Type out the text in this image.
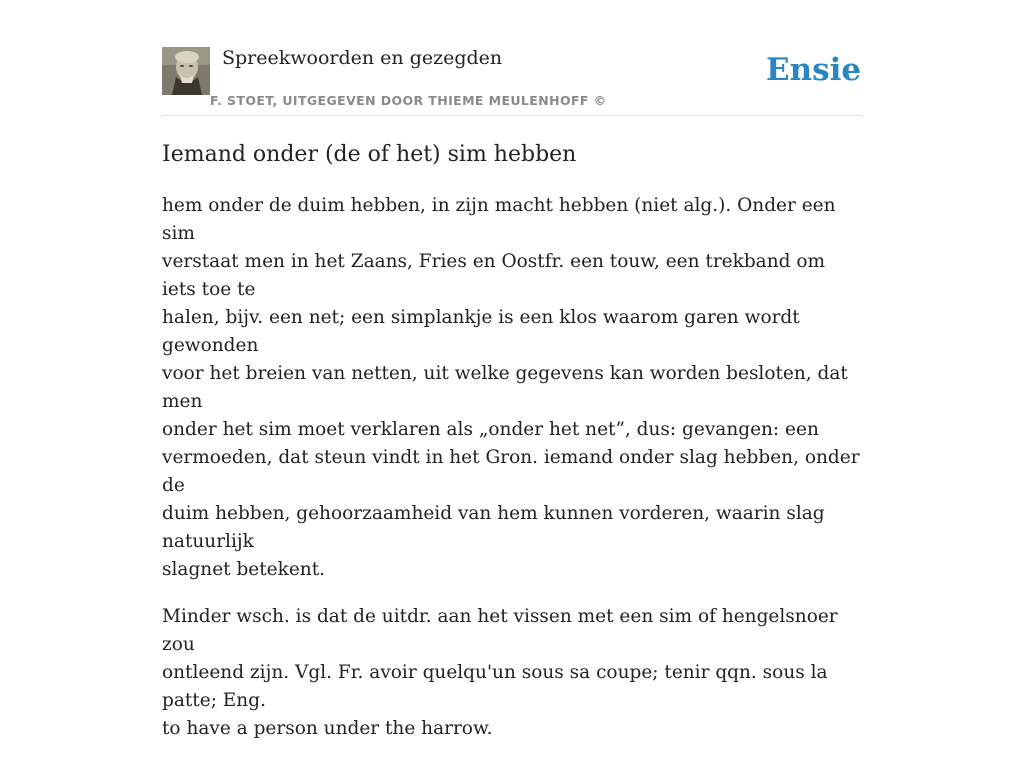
Spreekwoorden en gezegden
F. STOET, UITGEGEVEN DOOR THIEME MEULENHOFF ©
Ensie
Iemand onder (de of het) sim hebben

hem onder de duim hebben, in zijn macht hebben (niet alg.). Onder een sim
verstaat men in het Zaans, Fries en Oostfr. een touw, een trekband om iets toe te
halen, bijv. een net; een simplankje is een klos waarom garen wordt gewonden
voor het breien van netten, uit welke gegevens kan worden besloten, dat men
onder het sim moet verklaren als „onder het net”, dus: gevangen: een
vermoeden, dat steun vindt in het Gron. iemand onder slag hebben, onder de
duim hebben, gehoorzaamheid van hem kunnen vorderen, waarin slag natuurlijk
slagnet betekent.

Minder wsch. is dat de uitdr. aan het vissen met een sim of hengelsnoer zou
ontleend zijn. Vgl. Fr. avoir quelqu'un sous sa coupe; tenir qqn. sous la patte; Eng.
to have a person under the harrow.
